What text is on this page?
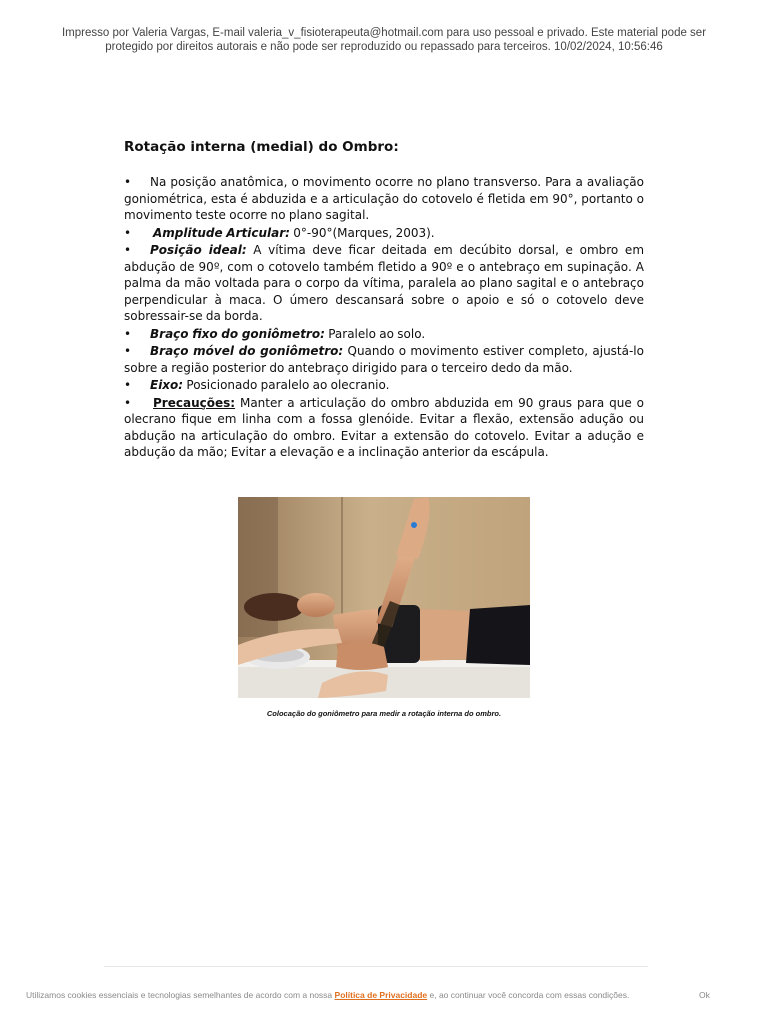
Impresso por Valeria Vargas, E-mail valeria_v_fisioterapeuta@hotmail.com para uso pessoal e privado. Este material pode ser
protegido por direitos autorais e não pode ser reproduzido ou repassado para terceiros. 10/02/2024, 10:56:46

Rotação interna (medial) do Ombro:

• Na posição anatômica, o movimento ocorre no plano transverso. Para a avaliação goniométrica, esta é abduzida e a articulação do cotovelo é fletida em 90°, portanto o movimento teste ocorre no plano sagital.
• Amplitude Articular: 0°-90°(Marques, 2003).
• Posição ideal: A vítima deve ficar deitada em decúbito dorsal, e ombro em abdução de 90º, com o cotovelo também fletido a 90º e o antebraço em supinação. A palma da mão voltada para o corpo da vítima, paralela ao plano sagital e o antebraço perpendicular à maca. O úmero descansará sobre o apoio e só o cotovelo deve sobressair-se da borda.
• Braço fixo do goniômetro: Paralelo ao solo.
• Braço móvel do goniômetro: Quando o movimento estiver completo, ajustá-lo sobre a região posterior do antebraço dirigido para o terceiro dedo da mão.
• Eixo: Posicionado paralelo ao olecranio.
• Precauções: Manter a articulação do ombro abduzida em 90 graus para que o olecrano fique em linha com a fossa glenóide. Evitar a flexão, extensão adução ou abdução na articulação do ombro. Evitar a extensão do cotovelo. Evitar a adução e abdução da mão; Evitar a elevação e a inclinação anterior da escápula.
Colocação do goniômetro para medir a rotação interna do ombro.
Utilizamos cookies essenciais e tecnologias semelhantes de acordo com a nossa Política de Privacidade e, ao continuar você concorda com essas condições.	Ok
